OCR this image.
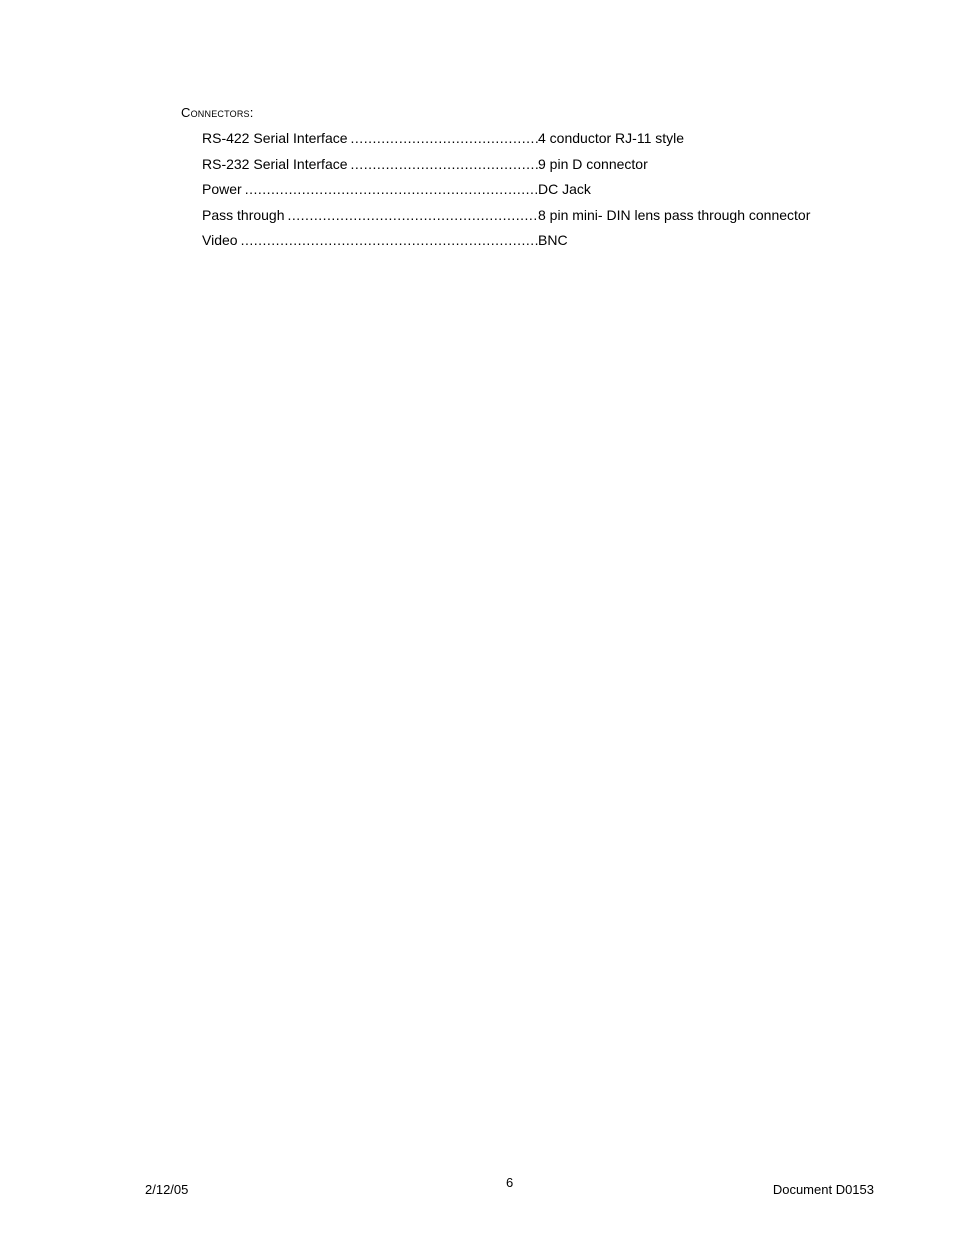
Connectors:
RS-422 Serial Interface .....	4 conductor RJ-11 style
RS-232 Serial Interface .....	9 pin D connector
Power .....	DC Jack
Pass through .....	8 pin mini- DIN lens pass through connector
Video .....	BNC
2/12/05	6	Document D0153
